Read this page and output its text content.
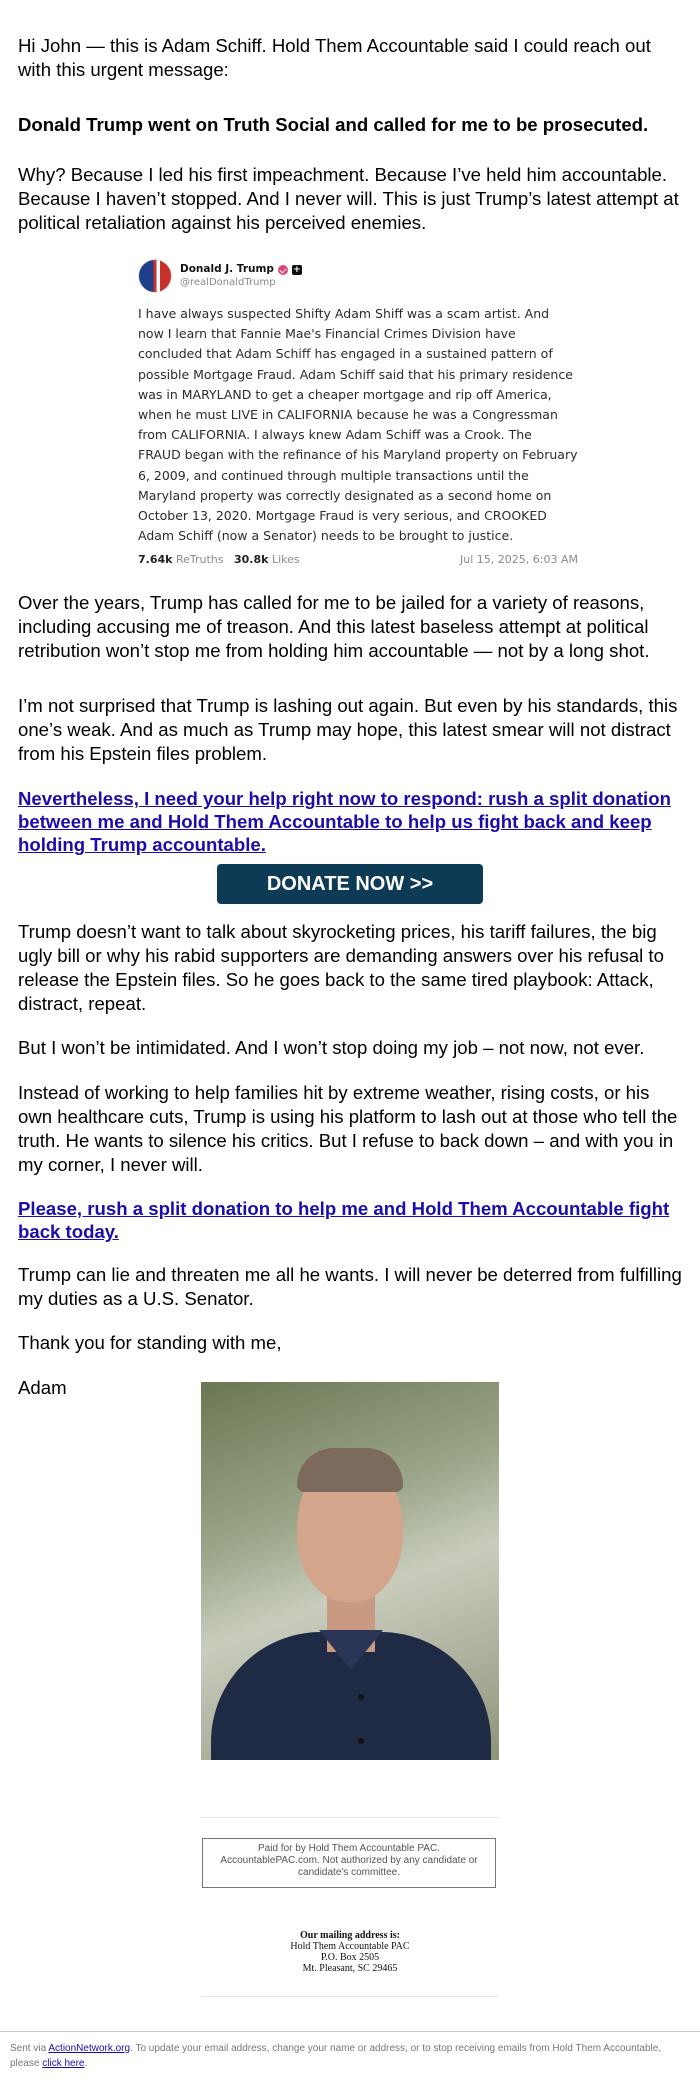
Hi John — this is Adam Schiff. Hold Them Accountable said I could reach out with this urgent message:

Donald Trump went on Truth Social and called for me to be prosecuted.

Why? Because I led his first impeachment. Because I’ve held him accountable. Because I haven’t stopped. And I never will. This is just Trump’s latest attempt at political retaliation against his perceived enemies.

Donald J. Trump +
@realDonaldTrump

I have always suspected Shifty Adam Shiff was a scam artist. And now I learn that Fannie Mae's Financial Crimes Division have concluded that Adam Schiff has engaged in a sustained pattern of possible Mortgage Fraud. Adam Schiff said that his primary residence was in MARYLAND to get a cheaper mortgage and rip off America, when he must LIVE in CALIFORNIA because he was a Congressman from CALIFORNIA. I always knew Adam Schiff was a Crook. The FRAUD began with the refinance of his Maryland property on February 6, 2009, and continued through multiple transactions until the Maryland property was correctly designated as a second home on October 13, 2020. Mortgage Fraud is very serious, and CROOKED Adam Schiff (now a Senator) needs to be brought to justice.

7.64k
ReTruths
30.8k
Likes	Jul 15, 2025, 6:03 AM

Over the years, Trump has called for me to be jailed for a variety of reasons, including accusing me of treason. And this latest baseless attempt at political retribution won’t stop me from holding him accountable — not by a long shot.

I’m not surprised that Trump is lashing out again. But even by his standards, this one’s weak. And as much as Trump may hope, this latest smear will not distract from his Epstein files problem.

Nevertheless, I need your help right now to respond: rush a split donation between me and Hold Them Accountable to help us fight back and keep holding Trump accountable.
DONATE NOW >>

Trump doesn’t want to talk about skyrocketing prices, his tariff failures, the big ugly bill or why his rabid supporters are demanding answers over his refusal to release the Epstein files. So he goes back to the same tired playbook: Attack, distract, repeat.

But I won’t be intimidated. And I won’t stop doing my job – not now, not ever.

Instead of working to help families hit by extreme weather, rising costs, or his own healthcare cuts, Trump is using his platform to lash out at those who tell the truth. He wants to silence his critics. But I refuse to back down – and with you in my corner, I never will.

Please, rush a split donation to help me and Hold Them Accountable fight back today.

Trump can lie and threaten me all he wants. I will never be deterred from fulfilling my duties as a U.S. Senator.

Thank you for standing with me,

Adam

Paid for by Hold Them Accountable PAC. AccountablePAC.com. Not authorized by any candidate or candidate's committee.
Our mailing address is:
Hold Them Accountable PAC
P.O. Box 2505
Mt. Pleasant, SC 29465
Sent via ActionNetwork.org. To update your email address, change your name or address, or to stop receiving emails from Hold Them Accountable, please click here.
